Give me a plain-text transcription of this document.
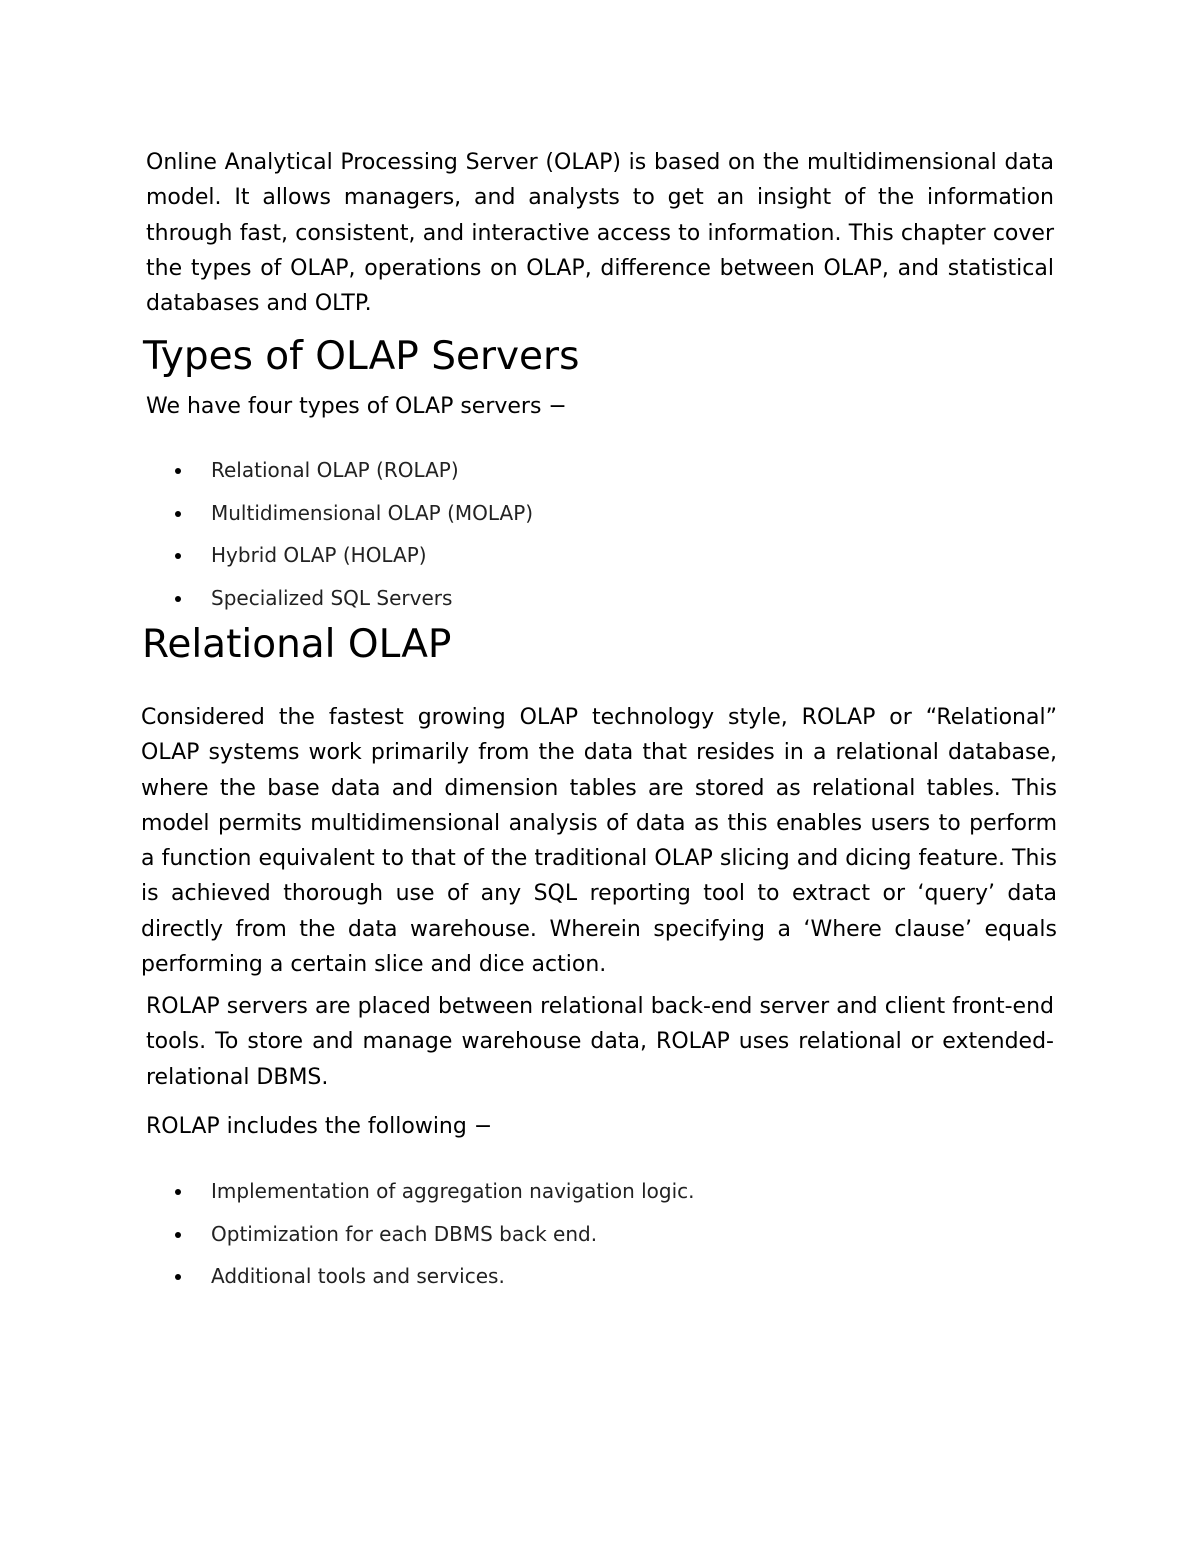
Online Analytical Processing Server (OLAP) is based on the multidimensional data model. It allows managers, and analysts to get an insight of the information through fast, consistent, and interactive access to information. This chapter cover the types of OLAP, operations on OLAP, difference between OLAP, and statistical databases and OLTP.

Types of OLAP Servers

We have four types of OLAP servers −

Relational OLAP (ROLAP)
Multidimensional OLAP (MOLAP)
Hybrid OLAP (HOLAP)
Specialized SQL Servers
Relational OLAP

Considered the fastest growing OLAP technology style, ROLAP or “Relational” OLAP systems work primarily from the data that resides in a relational database, where the base data and dimension tables are stored as relational tables. This model permits multidimensional analysis of data as this enables users to perform a function equivalent to that of the traditional OLAP slicing and dicing feature. This is achieved thorough use of any SQL reporting tool to extract or ‘query’ data directly from the data warehouse. Wherein specifying a ‘Where clause’ equals performing a certain slice and dice action.

ROLAP servers are placed between relational back-end server and client front-end tools. To store and manage warehouse data, ROLAP uses relational or extended-relational DBMS.

ROLAP includes the following −

Implementation of aggregation navigation logic.
Optimization for each DBMS back end.
Additional tools and services.
